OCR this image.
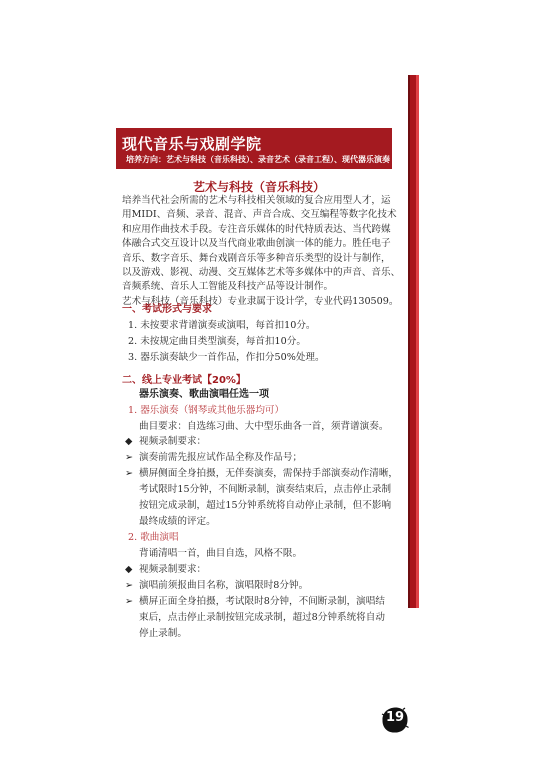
现代音乐与戏剧学院
培养方向：艺术与科技（音乐科技）、录音艺术（录音工程）、现代器乐演奏
艺术与科技（音乐科技）
培养当代社会所需的艺术与科技相关领域的复合应用型人才，运
用MIDI、音频、录音、混音、声音合成、交互编程等数字化技术
和应用作曲技术手段。专注音乐媒体的时代特质表达、当代跨媒
体融合式交互设计以及当代商业歌曲创演一体的能力。胜任电子
音乐、数字音乐、舞台戏剧音乐等多种音乐类型的设计与制作，
以及游戏、影视、动漫、交互媒体艺术等多媒体中的声音、音乐、
音频系统、音乐人工智能及科技产品等设计制作。
艺术与科技（音乐科技）专业隶属于设计学，专业代码130509。
一、考试形式与要求
1. 未按要求背谱演奏或演唱，每首扣10分。
2. 未按规定曲目类型演奏，每首扣10分。
3. 器乐演奏缺少一首作品，作扣分50%处理。
二、线上专业考试【20%】
器乐演奏、歌曲演唱任选一项
1. 器乐演奏（钢琴或其他乐器均可）
曲目要求：自选练习曲、大中型乐曲各一首，须背谱演奏。
◆ 视频录制要求：
➢ 演奏前需先报应试作品全称及作品号；
➢ 横屏侧面全身拍摄，无伴奏演奏，需保持手部演奏动作清晰，
考试限时15分钟，不间断录制，演奏结束后，点击停止录制
按钮完成录制，超过15分钟系统将自动停止录制，但不影响
最终成绩的评定。
2. 歌曲演唱
背诵清唱一首，曲目自选，风格不限。
◆ 视频录制要求：
➢ 演唱前须报曲目名称，演唱限时8分钟。
➢ 横屏正面全身拍摄，考试限时8分钟，不间断录制，演唱结
束后，点击停止录制按钮完成录制，超过8分钟系统将自动
停止录制。
19
